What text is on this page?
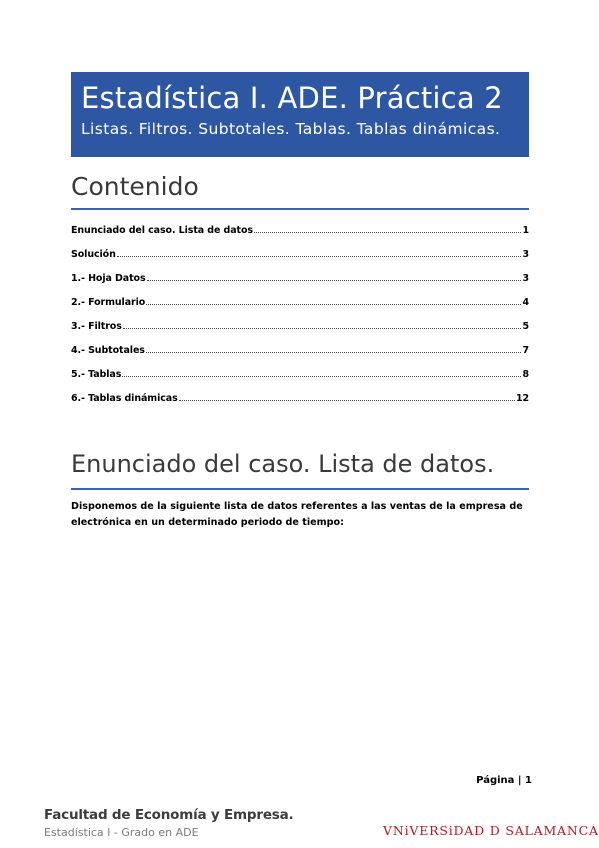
Estadística I. ADE. Práctica 2
Listas. Filtros. Subtotales. Tablas. Tablas dinámicas.
Contenido
Enunciado del caso. Lista de datos	1
Solución	3
1.- Hoja Datos	3
2.- Formulario	4
3.- Filtros	5
4.- Subtotales	7
5.- Tablas	8
6.- Tablas dinámicas	12
Enunciado del caso. Lista de datos.
Disponemos de la siguiente lista de datos referentes a las ventas de la empresa de electrónica en un determinado periodo de tiempo:
Página | 1
Facultad de Economía y Empresa.
Estadística I - Grado en ADE	VNiVERSiDAD D SALAMANCA
